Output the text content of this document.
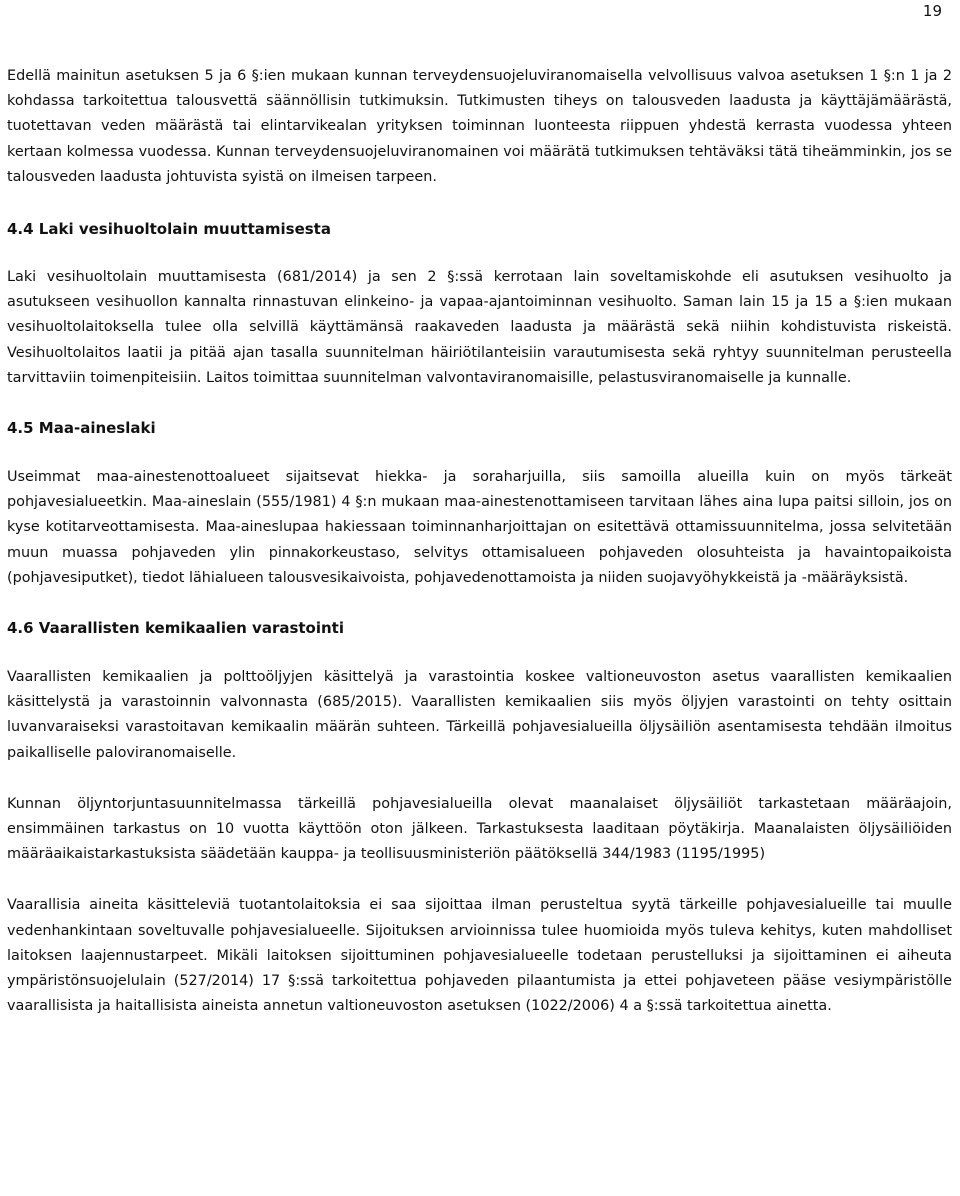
19

Edellä mainitun asetuksen 5 ja 6 §:ien mukaan kunnan terveydensuojeluviranomaisella velvollisuus valvoa asetuksen 1 §:n 1 ja 2 kohdassa tarkoitettua talousvettä säännöllisin tutkimuksin. Tutkimusten tiheys on talousveden laadusta ja käyttäjämäärästä, tuotettavan veden määrästä tai elintarvikealan yrityksen toiminnan luonteesta riippuen yhdestä kerrasta vuodessa yhteen kertaan kolmessa vuodessa. Kunnan terveydensuojeluviranomainen voi määrätä tutkimuksen tehtäväksi tätä tiheämminkin, jos se talousveden laadusta johtuvista syistä on ilmeisen tarpeen.

4.4 Laki vesihuoltolain muuttamisesta

Laki vesihuoltolain muuttamisesta (681/2014) ja sen 2 §:ssä kerrotaan lain soveltamiskohde eli asutuksen vesihuolto ja asutukseen vesihuollon kannalta rinnastuvan elinkeino- ja vapaa-ajantoiminnan vesihuolto. Saman lain 15 ja 15 a §:ien mukaan vesihuoltolaitoksella tulee olla selvillä käyttämänsä raakaveden laadusta ja määrästä sekä niihin kohdistuvista riskeistä. Vesihuoltolaitos laatii ja pitää ajan tasalla suunnitelman häiriötilanteisiin varautumisesta sekä ryhtyy suunnitelman perusteella tarvittaviin toimenpiteisiin. Laitos toimittaa suunnitelman valvontaviranomaisille, pelastusviranomaiselle ja kunnalle.

4.5 Maa-aineslaki

Useimmat maa-ainestenottoalueet sijaitsevat hiekka- ja soraharjuilla, siis samoilla alueilla kuin on myös tärkeät pohjavesialueetkin. Maa-aineslain (555/1981) 4 §:n mukaan maa-ainestenottamiseen tarvitaan lähes aina lupa paitsi silloin, jos on kyse kotitarveottamisesta. Maa-aineslupaa hakiessaan toiminnanharjoittajan on esitettävä ottamissuunnitelma, jossa selvitetään muun muassa pohjaveden ylin pinnakorkeustaso, selvitys ottamisalueen pohjaveden olosuhteista ja havaintopaikoista (pohjavesiputket), tiedot lähialueen talousvesikaivoista, pohjavedenottamoista ja niiden suojavyöhykkeistä ja -määräyksistä.

4.6 Vaarallisten kemikaalien varastointi

Vaarallisten kemikaalien ja polttoöljyjen käsittelyä ja varastointia koskee valtioneuvoston asetus vaarallisten kemikaalien käsittelystä ja varastoinnin valvonnasta (685/2015). Vaarallisten kemikaalien siis myös öljyjen varastointi on tehty osittain luvanvaraiseksi varastoitavan kemikaalin määrän suhteen. Tärkeillä pohjavesialueilla öljysäiliön asentamisesta tehdään ilmoitus paikalliselle paloviranomaiselle.

Kunnan öljyntorjuntasuunnitelmassa tärkeillä pohjavesialueilla olevat maanalaiset öljysäiliöt tarkastetaan määräajoin, ensimmäinen tarkastus on 10 vuotta käyttöön oton jälkeen. Tarkastuksesta laaditaan pöytäkirja. Maanalaisten öljysäiliöiden määräaikaistarkastuksista säädetään kauppa- ja teollisuusministeriön päätöksellä 344/1983 (1195/1995)

Vaarallisia aineita käsitteleviä tuotantolaitoksia ei saa sijoittaa ilman perusteltua syytä tärkeille pohjavesialueille tai muulle vedenhankintaan soveltuvalle pohjavesialueelle. Sijoituksen arvioinnissa tulee huomioida myös tuleva kehitys, kuten mahdolliset laitoksen laajennustarpeet. Mikäli laitoksen sijoittuminen pohjavesialueelle todetaan perustelluksi ja sijoittaminen ei aiheuta ympäristönsuojelulain (527/2014) 17 §:ssä tarkoitettua pohjaveden pilaantumista ja ettei pohjaveteen pääse vesiympäristölle vaarallisista ja haitallisista aineista annetun valtioneuvoston asetuksen (1022/2006) 4 a §:ssä tarkoitettua ainetta.
